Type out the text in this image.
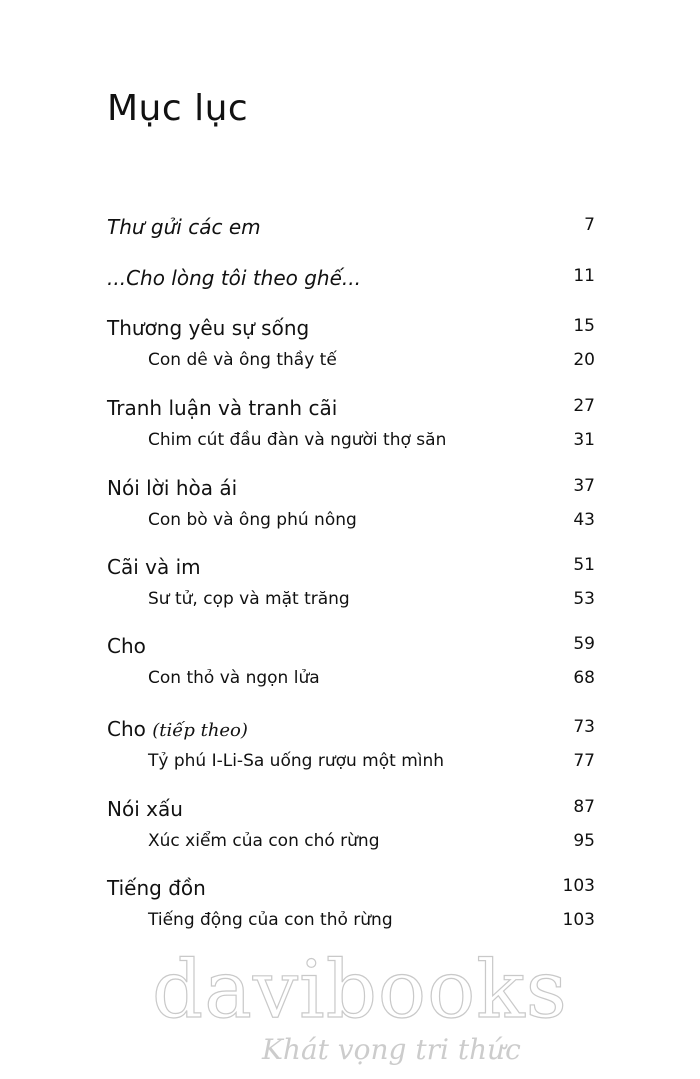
Mục lục
Thư gửi các em	7
...Cho lòng tôi theo ghế...	11
Thương yêu sự sống	15
Con dê và ông thầy tế	20
Tranh luận và tranh cãi	27
Chim cút đầu đàn và người thợ săn	31
Nói lời hòa ái	37
Con bò và ông phú nông	43
Cãi và im	51
Sư tử, cọp và mặt trăng	53
Cho	59
Con thỏ và ngọn lửa	68
Cho (tiếp theo)	73
Tỷ phú I-Li-Sa uống rượu một mình	77
Nói xấu	87
Xúc xiểm của con chó rừng	95
Tiếng đồn	103
Tiếng động của con thỏ rừng	103
davibooks
Khát vọng tri thức
